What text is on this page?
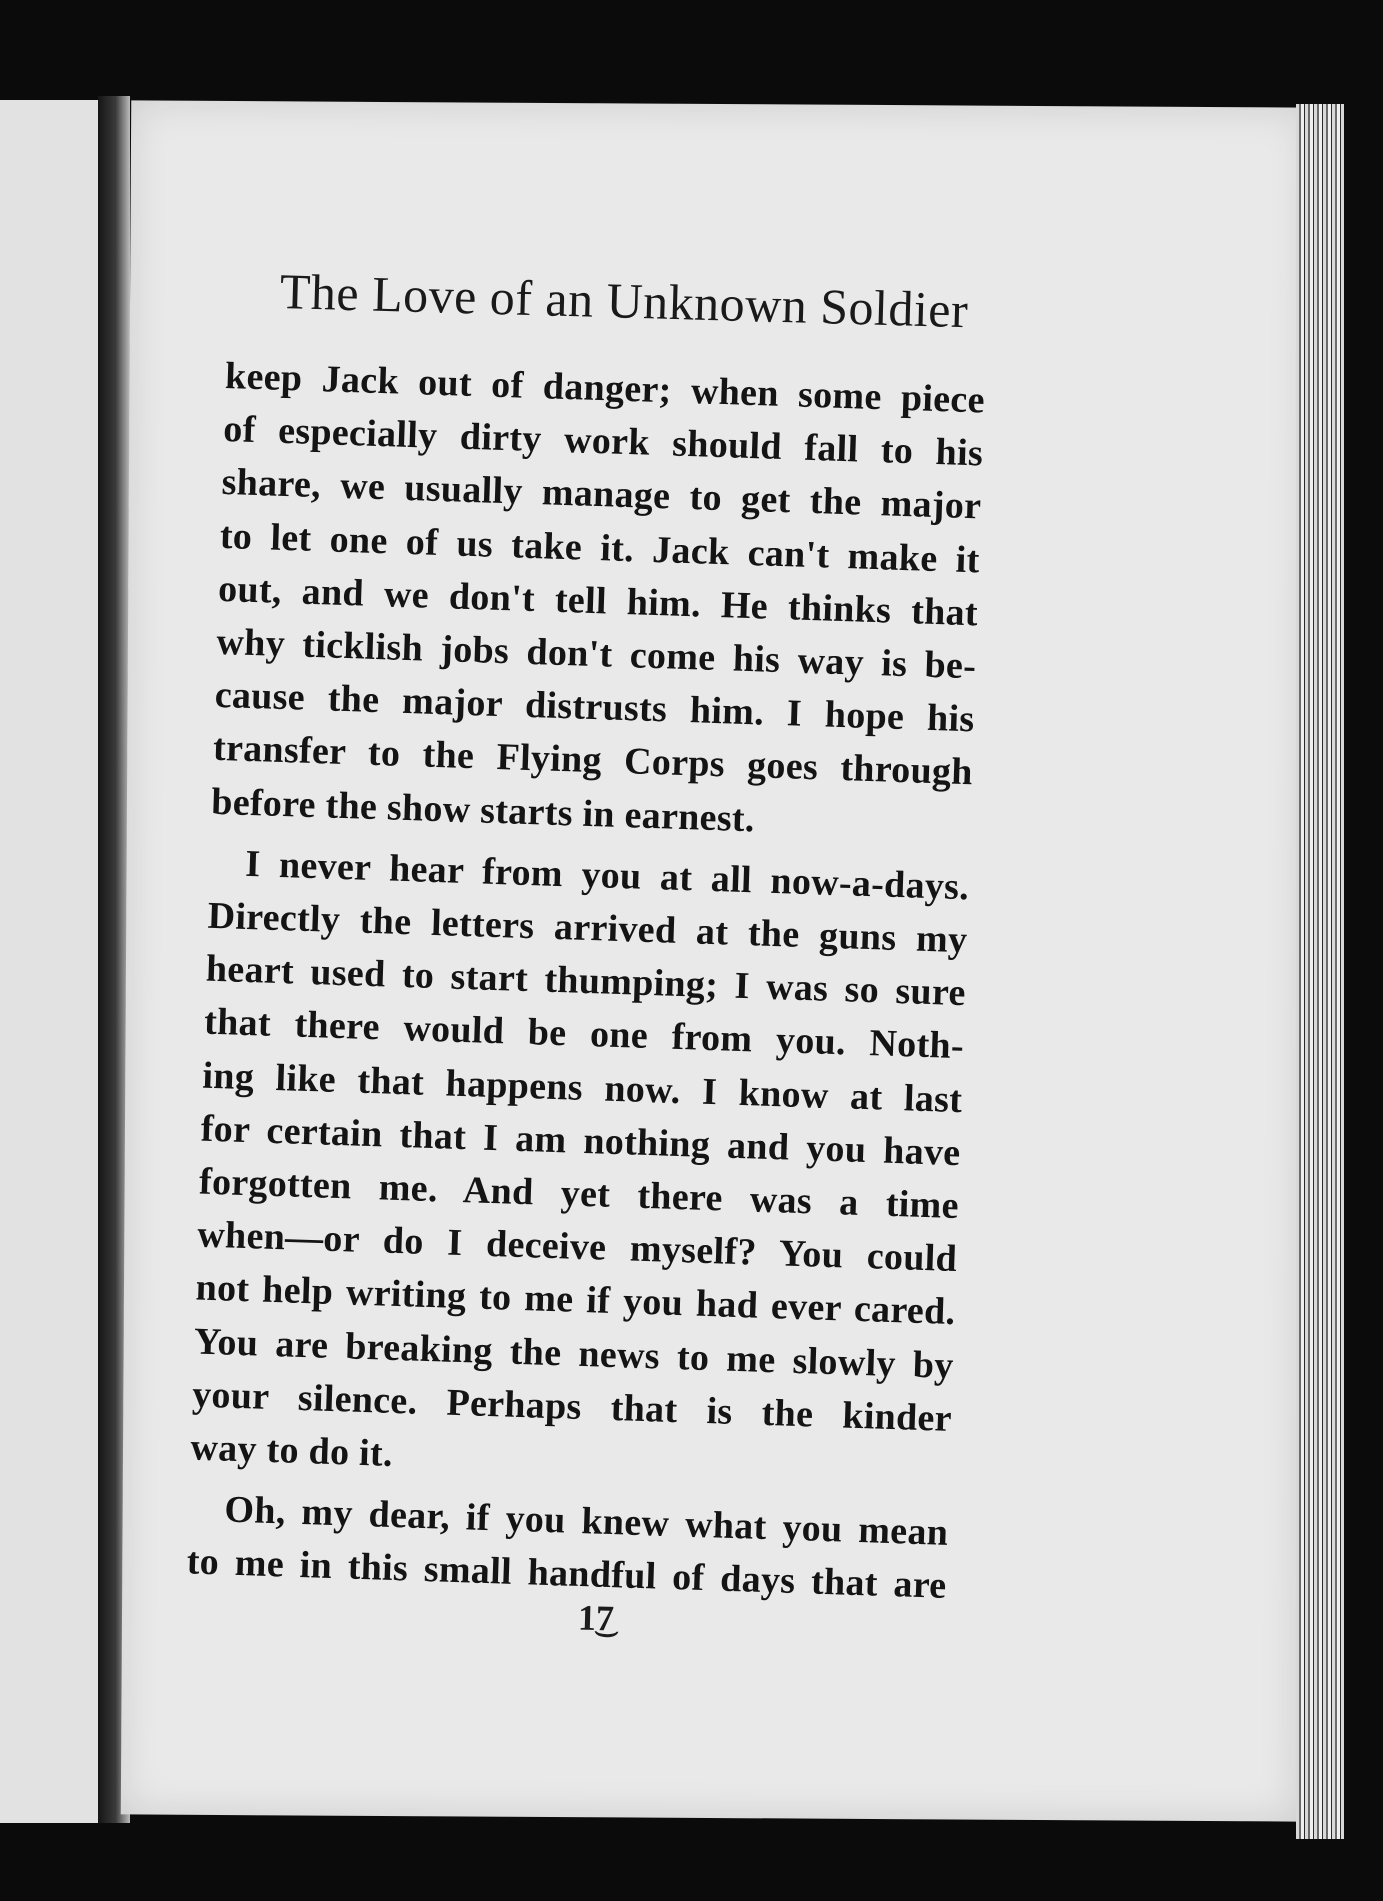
The Love of an Unknown Soldier
keep Jack out of danger; when some piece
of especially dirty work should fall to his
share, we usually manage to get the major
to let one of us take it. Jack can't make it
out, and we don't tell him. He thinks that
why ticklish jobs don't come his way is be-
cause the major distrusts him. I hope his
transfer to the Flying Corps goes through
before the show starts in earnest.
I never hear from you at all now-a-days.
Directly the letters arrived at the guns my
heart used to start thumping; I was so sure
that there would be one from you. Noth-
ing like that happens now. I know at last
for certain that I am nothing and you have
forgotten me. And yet there was a time
when—or do I deceive myself? You could
not help writing to me if you had ever cared.
You are breaking the news to me slowly by
your silence. Perhaps that is the kinder
way to do it.
Oh, my dear, if you knew what you mean
to me in this small handful of days that are
1͜7
